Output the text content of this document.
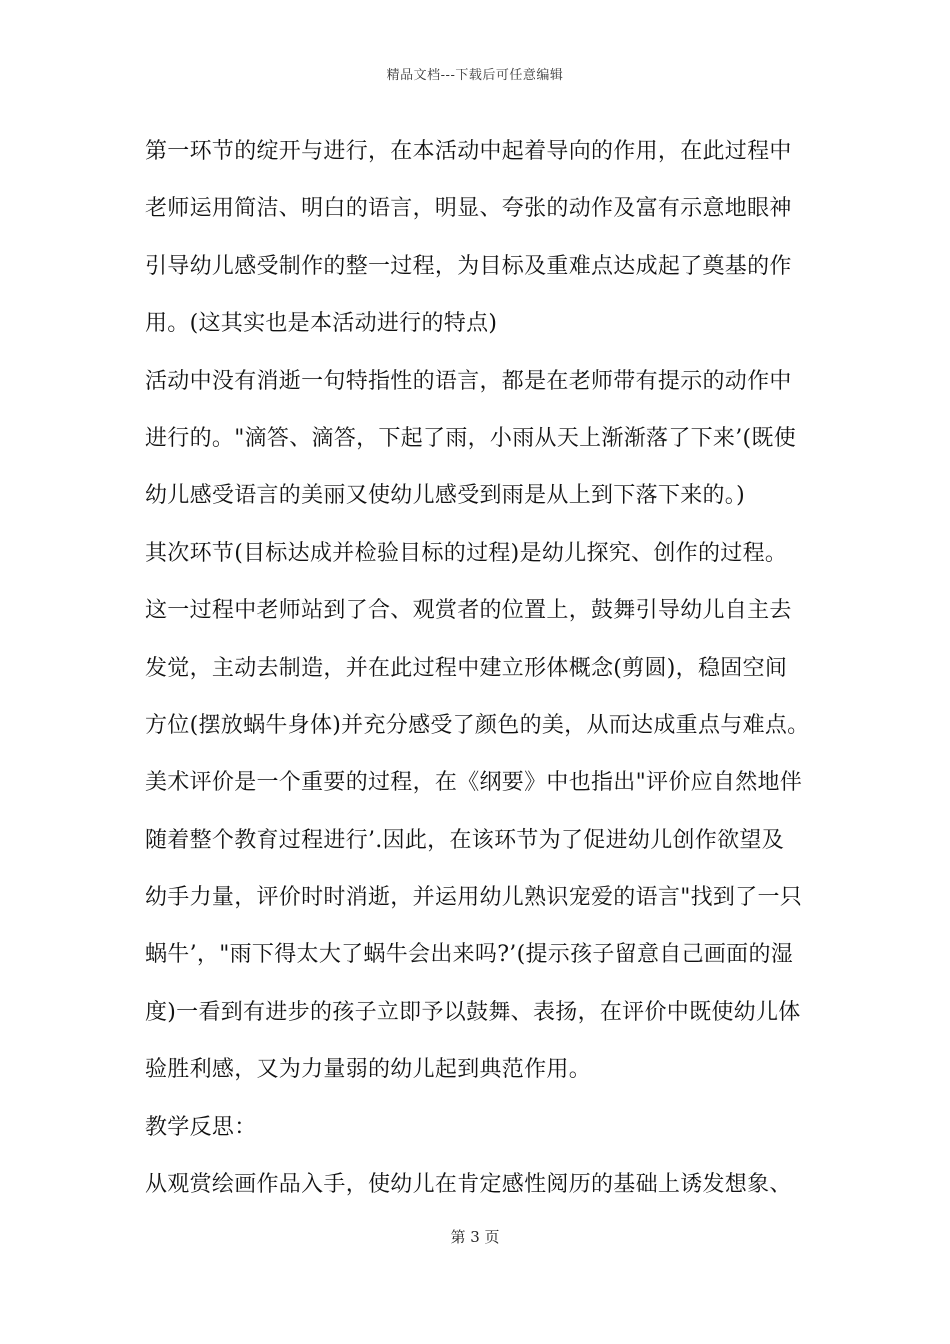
精品文档---下载后可任意编辑
第一环节的绽开与进行，在本活动中起着导向的作用，在此过程中
老师运用简洁、明白的语言，明显、夸张的动作及富有示意地眼神
引导幼儿感受制作的整一过程，为目标及重难点达成起了奠基的作
用。(这其实也是本活动进行的特点)
活动中没有消逝一句特指性的语言，都是在老师带有提示的动作中
进行的。"滴答、滴答，下起了雨，小雨从天上渐渐落了下来’(既使
幼儿感受语言的美丽又使幼儿感受到雨是从上到下落下来的。)
其次环节(目标达成并检验目标的过程)是幼儿探究、创作的过程。
这一过程中老师站到了合、观赏者的位置上，鼓舞引导幼儿自主去
发觉，主动去制造，并在此过程中建立形体概念(剪圆)，稳固空间
方位(摆放蜗牛身体)并充分感受了颜色的美，从而达成重点与难点。
美术评价是一个重要的过程，在《纲要》中也指出"评价应自然地伴
随着整个教育过程进行’.因此，在该环节为了促进幼儿创作欲望及
幼手力量，评价时时消逝，并运用幼儿熟识宠爱的语言"找到了一只
蜗牛’，"雨下得太大了蜗牛会出来吗?’(提示孩子留意自己画面的湿
度)一看到有进步的孩子立即予以鼓舞、表扬，在评价中既使幼儿体
验胜利感，又为力量弱的幼儿起到典范作用。
教学反思：
从观赏绘画作品入手，使幼儿在肯定感性阅历的基础上诱发想象、
第 3 页
